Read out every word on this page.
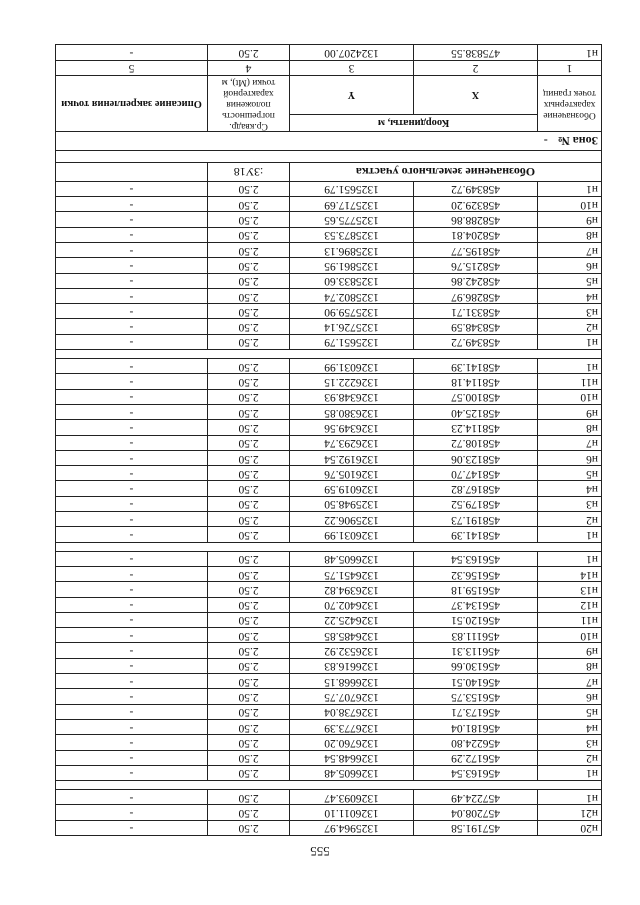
555
н20	457191.58	1325964.97	2.50	-
н21	457208.04	1326011.10	2.50	-
н1	457224.49	1326093.47	2.50	-

н1	456163.54	1326605.48	2.50	-
н2	456172.29	1326648.54	2.50	-
н3	456224.80	1326760.20	2.50	-
н4	456181.04	1326773.39	2.50	-
н5	456173.71	1326738.04	2.50	-
н6	456153.75	1326707.75	2.50	-
н7	456140.51	1326668.15	2.50	-
н8	456130.66	1326616.83	2.50	-
н9	456113.31	1326532.92	2.50	-
н10	456111.83	1326485.85	2.50	-
н11	456120.51	1326425.22	2.50	-
н12	456134.37	1326402.70	2.50	-
н13	456159.18	1326394.82	2.50	-
н14	456156.32	1326451.75	2.50	-
н1	456163.54	1326605.48	2.50	-

н1	458141.39	1326031.99	2.50	-
н2	458191.73	1325906.22	2.50	-
н3	458179.52	1325948.50	2.50	-
н4	458167.82	1326019.59	2.50	-
н5	458147.70	1326105.76	2.50	-
н6	458123.06	1326192.54	2.50	-
н7	458108.72	1326293.74	2.50	-
н8	458114.23	1326349.56	2.50	-
н9	458125.40	1326380.85	2.50	-
н10	458100.57	1326348.93	2.50	-
н11	458114.18	1326222.15	2.50	-
н1	458141.39	1326031.99	2.50	-

н1	458349.72	1325651.79	2.50	-
н2	458348.59	1325726.14	2.50	-
н3	458331.71	1325759.90	2.50	-
н4	458286.97	1325802.74	2.50	-
н5	458242.86	1325833.60	2.50	-
н6	458215.76	1325861.95	2.50	-
н7	458195.77	1325896.13	2.50	-
н8	458204.81	1325873.53	2.50	-
н9	458288.86	1325775.65	2.50	-
н10	458329.20	1325717.69	2.50	-
н1	458349.72	1325651.79	2.50	-
Обозначение земельного участка			:ЗУ18	

Зона №-				
Обозначение характерных точек границ	Координаты, м		Ср.квадр. погрешность положения характерной точки (Mt), м	Описание закрепления точки
	X	Y		
1	2	3	4	5
н1	475838.55	1324207.00	2.50	-
